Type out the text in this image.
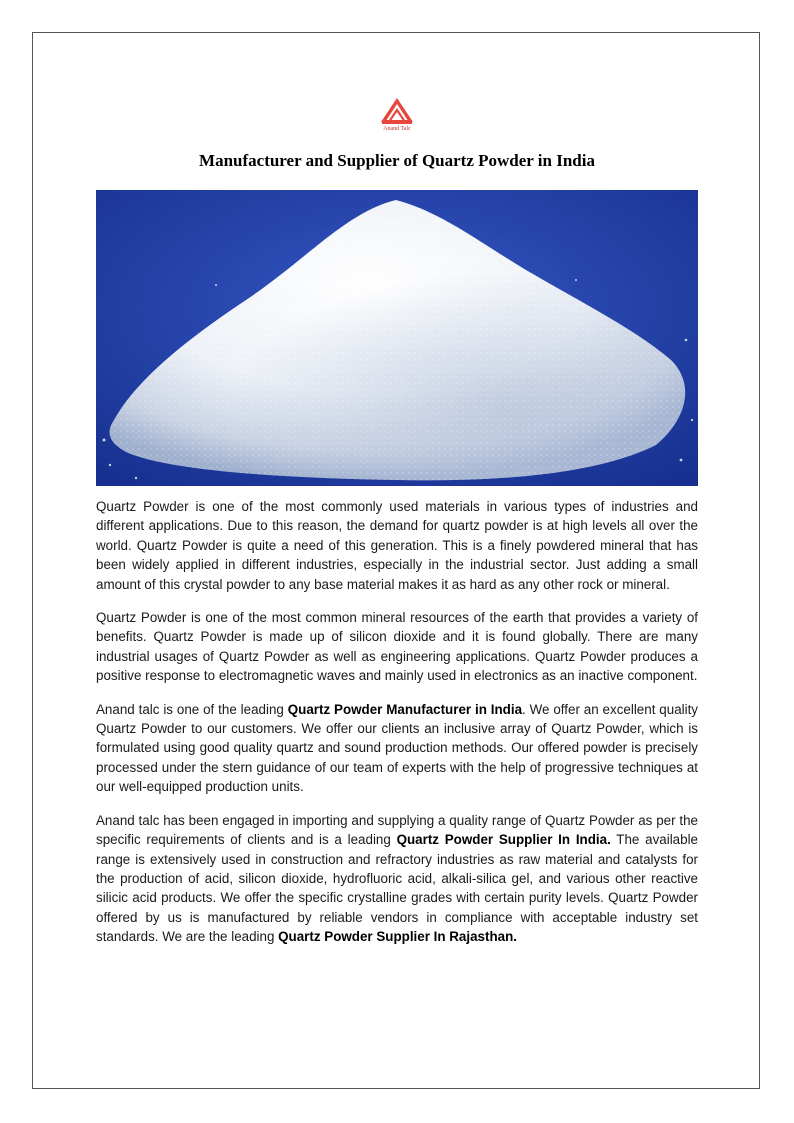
Anand Talc
Manufacturer and Supplier of Quartz Powder in India

Quartz Powder is one of the most commonly used materials in various types of industries and different applications. Due to this reason, the demand for quartz powder is at high levels all over the world. Quartz Powder is quite a need of this generation. This is a finely powdered mineral that has been widely applied in different industries, especially in the industrial sector. Just adding a small amount of this crystal powder to any base material makes it as hard as any other rock or mineral.

Quartz Powder is one of the most common mineral resources of the earth that provides a variety of benefits. Quartz Powder is made up of silicon dioxide and it is found globally. There are many industrial usages of Quartz Powder as well as engineering applications. Quartz Powder produces a positive response to electromagnetic waves and mainly used in electronics as an inactive component.

Anand talc is one of the leading Quartz Powder Manufacturer in India. We offer an excellent quality Quartz Powder to our customers. We offer our clients an inclusive array of Quartz Powder, which is formulated using good quality quartz and sound production methods. Our offered powder is precisely processed under the stern guidance of our team of experts with the help of progressive techniques at our well-equipped production units.

Anand talc has been engaged in importing and supplying a quality range of Quartz Powder as per the specific requirements of clients and is a leading Quartz Powder Supplier In India. The available range is extensively used in construction and refractory industries as raw material and catalysts for the production of acid, silicon dioxide, hydrofluoric acid, alkali-silica gel, and various other reactive silicic acid products. We offer the specific crystalline grades with certain purity levels. Quartz Powder offered by us is manufactured by reliable vendors in compliance with acceptable industry set standards. We are the leading Quartz Powder Supplier In Rajasthan.
